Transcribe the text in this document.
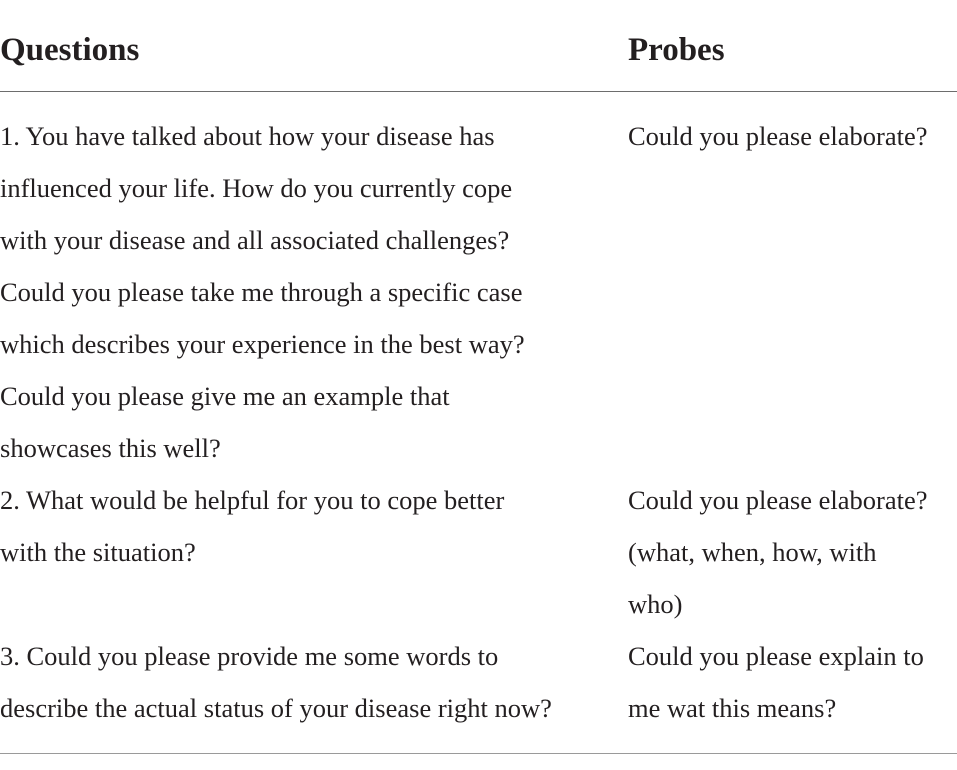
Questions	Probes
1. You have talked about how your disease has
influenced your life. How do you currently cope
with your disease and all associated challenges?
Could you please take me through a specific case
which describes your experience in the best way?
Could you please give me an example that
showcases this well?
Could you please elaborate?
2. What would be helpful for you to cope better
with the situation?
Could you please elaborate?
(what, when, how, with
who)
3. Could you please provide me some words to
describe the actual status of your disease right now?
Could you please explain to
me wat this means?
